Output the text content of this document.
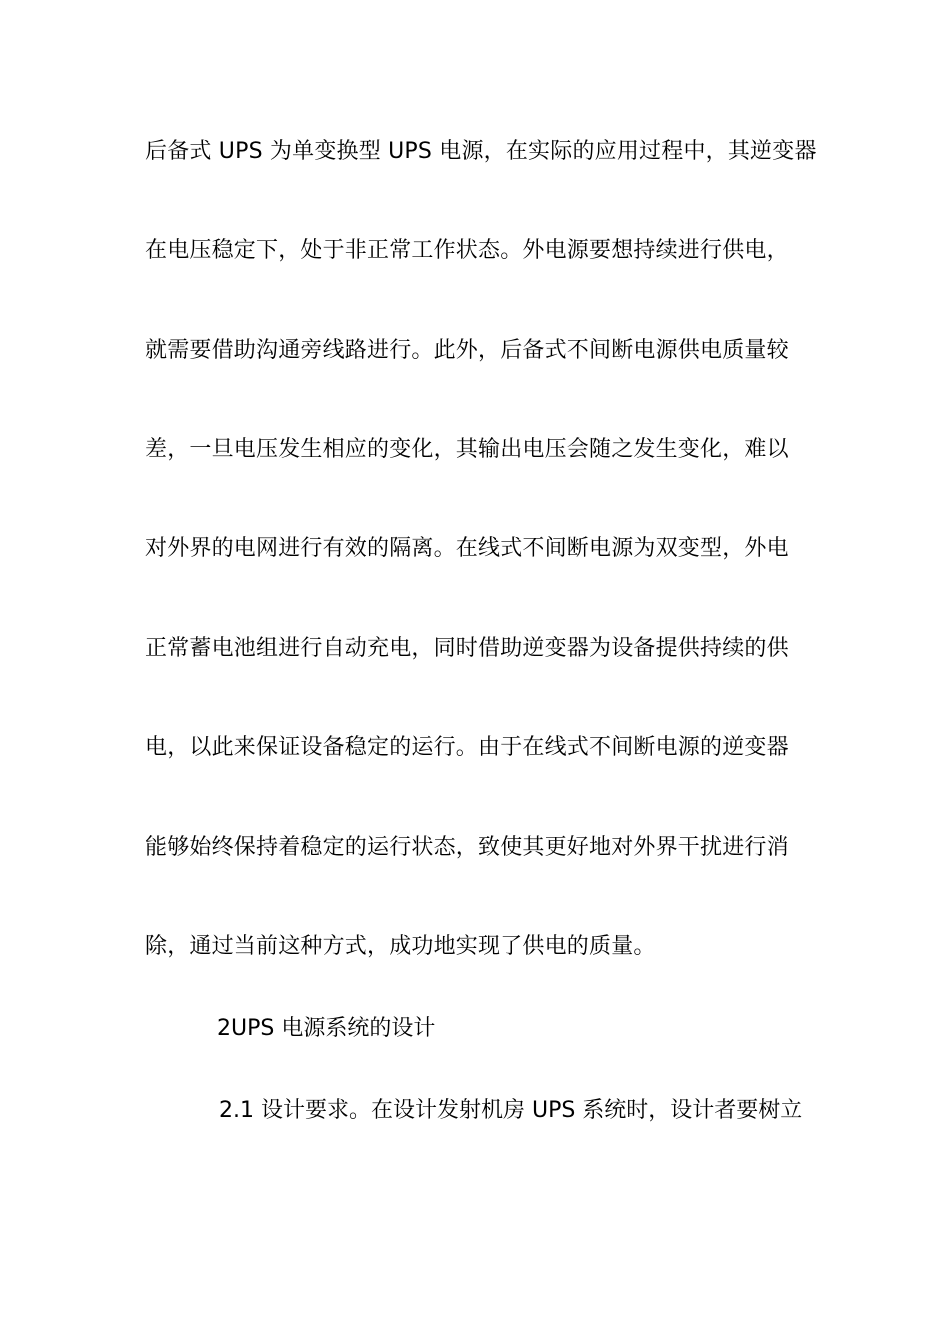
后备式 UPS 为单变换型 UPS 电源，在实际的应用过程中，其逆变器
在电压稳定下，处于非正常工作状态。外电源要想持续进行供电，
就需要借助沟通旁线路进行。此外，后备式不间断电源供电质量较
差，一旦电压发生相应的变化，其输出电压会随之发生变化，难以
对外界的电网进行有效的隔离。在线式不间断电源为双变型，外电
正常蓄电池组进行自动充电，同时借助逆变器为设备提供持续的供
电，以此来保证设备稳定的运行。由于在线式不间断电源的逆变器
能够始终保持着稳定的运行状态，致使其更好地对外界干扰进行消
除，通过当前这种方式，成功地实现了供电的质量。
2UPS 电源系统的设计
2.1 设计要求。在设计发射机房 UPS 系统时，设计者要树立
